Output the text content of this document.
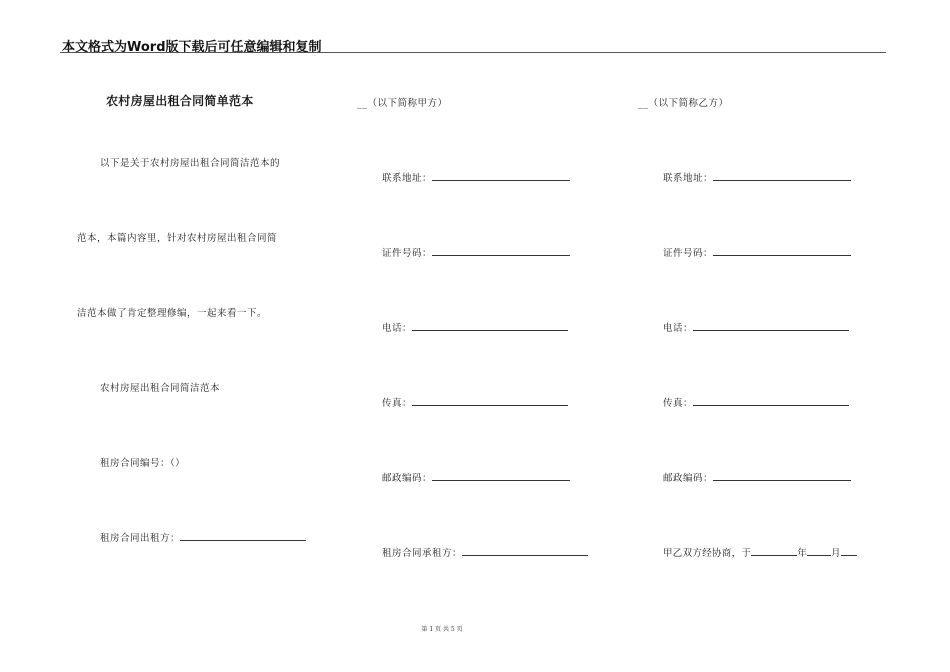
本文格式为Word版下载后可任意编辑和复制
农村房屋出租合同简单范本
以下是关于农村房屋出租合同简洁范本的
范本，本篇内容里，针对农村房屋出租合同简
洁范本做了肯定整理修编，一起来看一下。
农村房屋出租合同简洁范本
租房合同编号：（）
租房合同出租方：
__（以下简称甲方）
联系地址：
证件号码：
电话：
传真：
邮政编码：
租房合同承租方：
__（以下简称乙方）
联系地址：
证件号码：
电话：
传真：
邮政编码：
甲乙双方经协商，于	年	月
第 1 页 共 5 页
